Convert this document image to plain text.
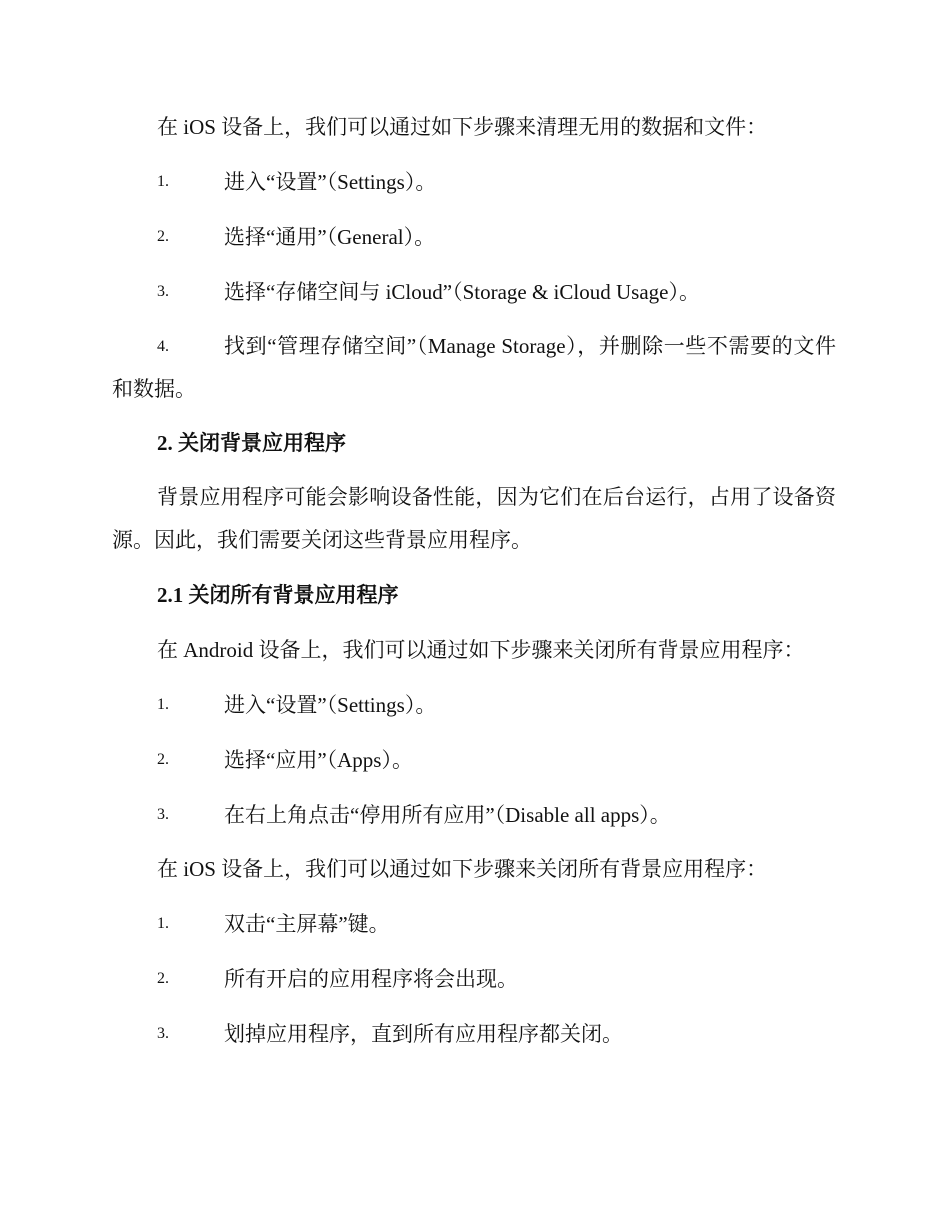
在 iOS 设备上，我们可以通过如下步骤来清理无用的数据和文件：
1.	进入“设置”（Settings）。
2.	选择“通用”（General）。
3.	选择“存储空间与 iCloud”（Storage & iCloud Usage）。
4.	找到“管理存储空间”（Manage Storage），并删除一些不需要的文件和数据。
2. 关闭背景应用程序
背景应用程序可能会影响设备性能，因为它们在后台运行，占用了设备资源。因此，我们需要关闭这些背景应用程序。
2.1 关闭所有背景应用程序
在 Android 设备上，我们可以通过如下步骤来关闭所有背景应用程序：
1.	进入“设置”（Settings）。
2.	选择“应用”（Apps）。
3.	在右上角点击“停用所有应用”（Disable all apps）。
在 iOS 设备上，我们可以通过如下步骤来关闭所有背景应用程序：
1.	双击“主屏幕”键。
2.	所有开启的应用程序将会出现。
3.	划掉应用程序，直到所有应用程序都关闭。
